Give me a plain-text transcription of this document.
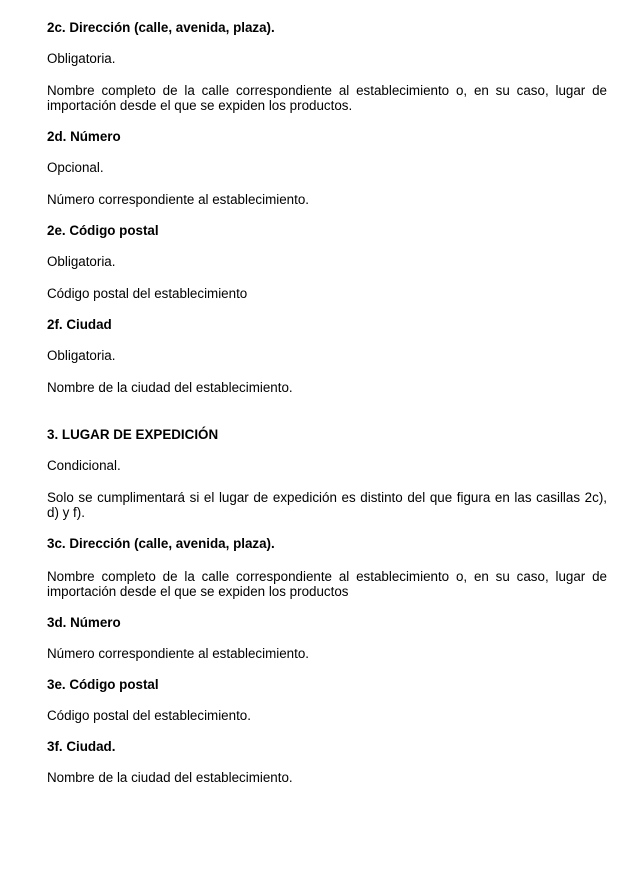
2c. Dirección (calle, avenida, plaza).

Obligatoria.

Nombre completo de la calle correspondiente al establecimiento o, en su caso, lugar de importación desde el que se expiden los productos.

2d. Número

Opcional.

Número correspondiente al establecimiento.

2e. Código postal

Obligatoria.

Código postal del establecimiento

2f. Ciudad

Obligatoria.

Nombre de la ciudad del establecimiento.

3. LUGAR DE EXPEDICIÓN

Condicional.

Solo se cumplimentará si el lugar de expedición es distinto del que figura en las casillas 2c), d) y f).

3c. Dirección (calle, avenida, plaza).

Nombre completo de la calle correspondiente al establecimiento o, en su caso, lugar de importación desde el que se expiden los productos

3d. Número

Número correspondiente al establecimiento.

3e. Código postal

Código postal del establecimiento.

3f. Ciudad.

Nombre de la ciudad del establecimiento.
